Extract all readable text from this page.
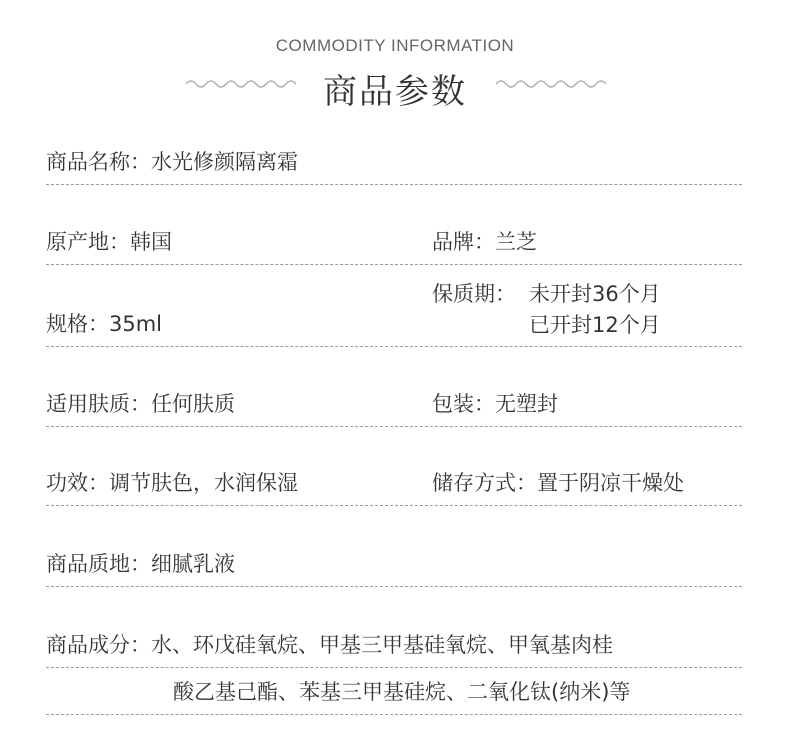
COMMODITY INFORMATION
商品参数
商品名称：水光修颜隔离霜
原产地：韩国	品牌：兰芝
规格：35ml
保质期： 未开封36个月
已开封12个月
适用肤质：任何肤质	包装：无塑封
功效：调节肤色，水润保湿	储存方式：置于阴凉干燥处
商品质地：细腻乳液
商品成分：水、环戊硅氧烷、甲基三甲基硅氧烷、甲氧基肉桂
酸乙基己酯、苯基三甲基硅烷、二氧化钛(纳米)等
